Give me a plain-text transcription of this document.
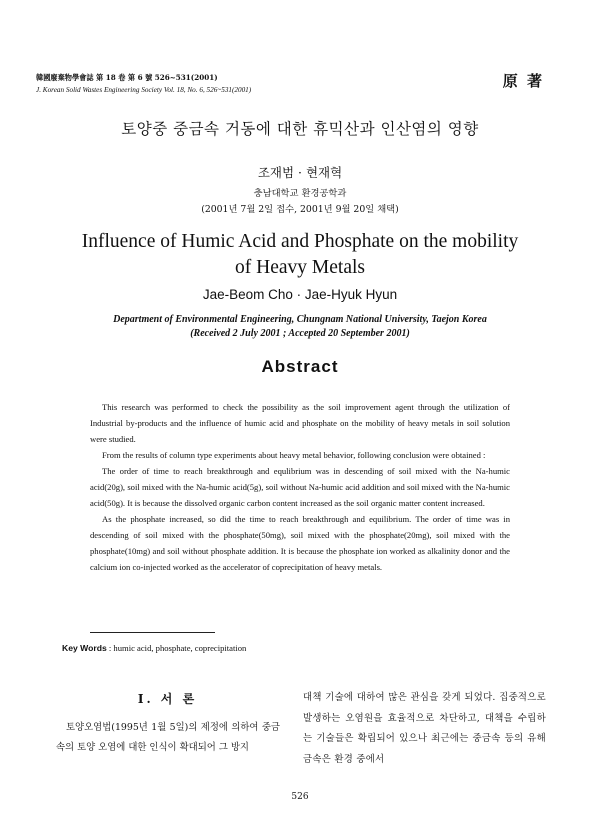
韓國廢棄物學會誌 第 18 卷 第 6 號 526~531(2001)
J. Korean Solid Wastes Engineering Society Vol. 18, No. 6, 526~531(2001)	原 著
토양중 중금속 거동에 대한 휴믹산과 인산염의 영향
조재범 · 현재혁
충남대학교 환경공학과
(2001년 7월 2일 접수, 2001년 9월 20일 채택)
Influence of Humic Acid and Phosphate on the mobility
of Heavy Metals
Jae-Beom Cho · Jae-Hyuk Hyun
Department of Environmental Engineering, Chungnam National University, Taejon Korea
(Received 2 July 2001 ; Accepted 20 September 2001)
Abstract

This research was performed to check the possibility as the soil improvement agent through the utilization of Industrial by-products and the influence of humic acid and phosphate on the mobility of heavy metals in soil solution were studied.

From the results of column type experiments about heavy metal behavior, following conclusion were obtained :

The order of time to reach breakthrough and equlibrium was in descending of soil mixed with the Na-humic acid(20g), soil mixed with the Na-humic acid(5g), soil without Na-humic acid addition and soil mixed with the Na-humic acid(50g). It is because the dissolved organic carbon content increased as the soil organic matter content increased.

As the phosphate increased, so did the time to reach breakthrough and equilibrium. The order of time was in descending of soil mixed with the phosphate(50mg), soil mixed with the phosphate(20mg), soil mixed with the phosphate(10mg) and soil without phosphate addition. It is because the phosphate ion worked as alkalinity donor and the calcium ion co-injected worked as the accelerator of coprecipitation of heavy metals.

Key Words : humic acid, phosphate, coprecipitation
Ⅰ. 서 론

토양오염법(1995년 1월 5일)의 제정에 의하여 중금속의 토양 오염에 대한 인식이 확대되어 그 방지

대책 기술에 대하여 많은 관심을 갖게 되었다. 집중적으로 발생하는 오염원을 효율적으로 차단하고, 대책을 수립하는 기술들은 확립되어 있으나 최근에는 중금속 등의 유해 금속은 환경 중에서

526
